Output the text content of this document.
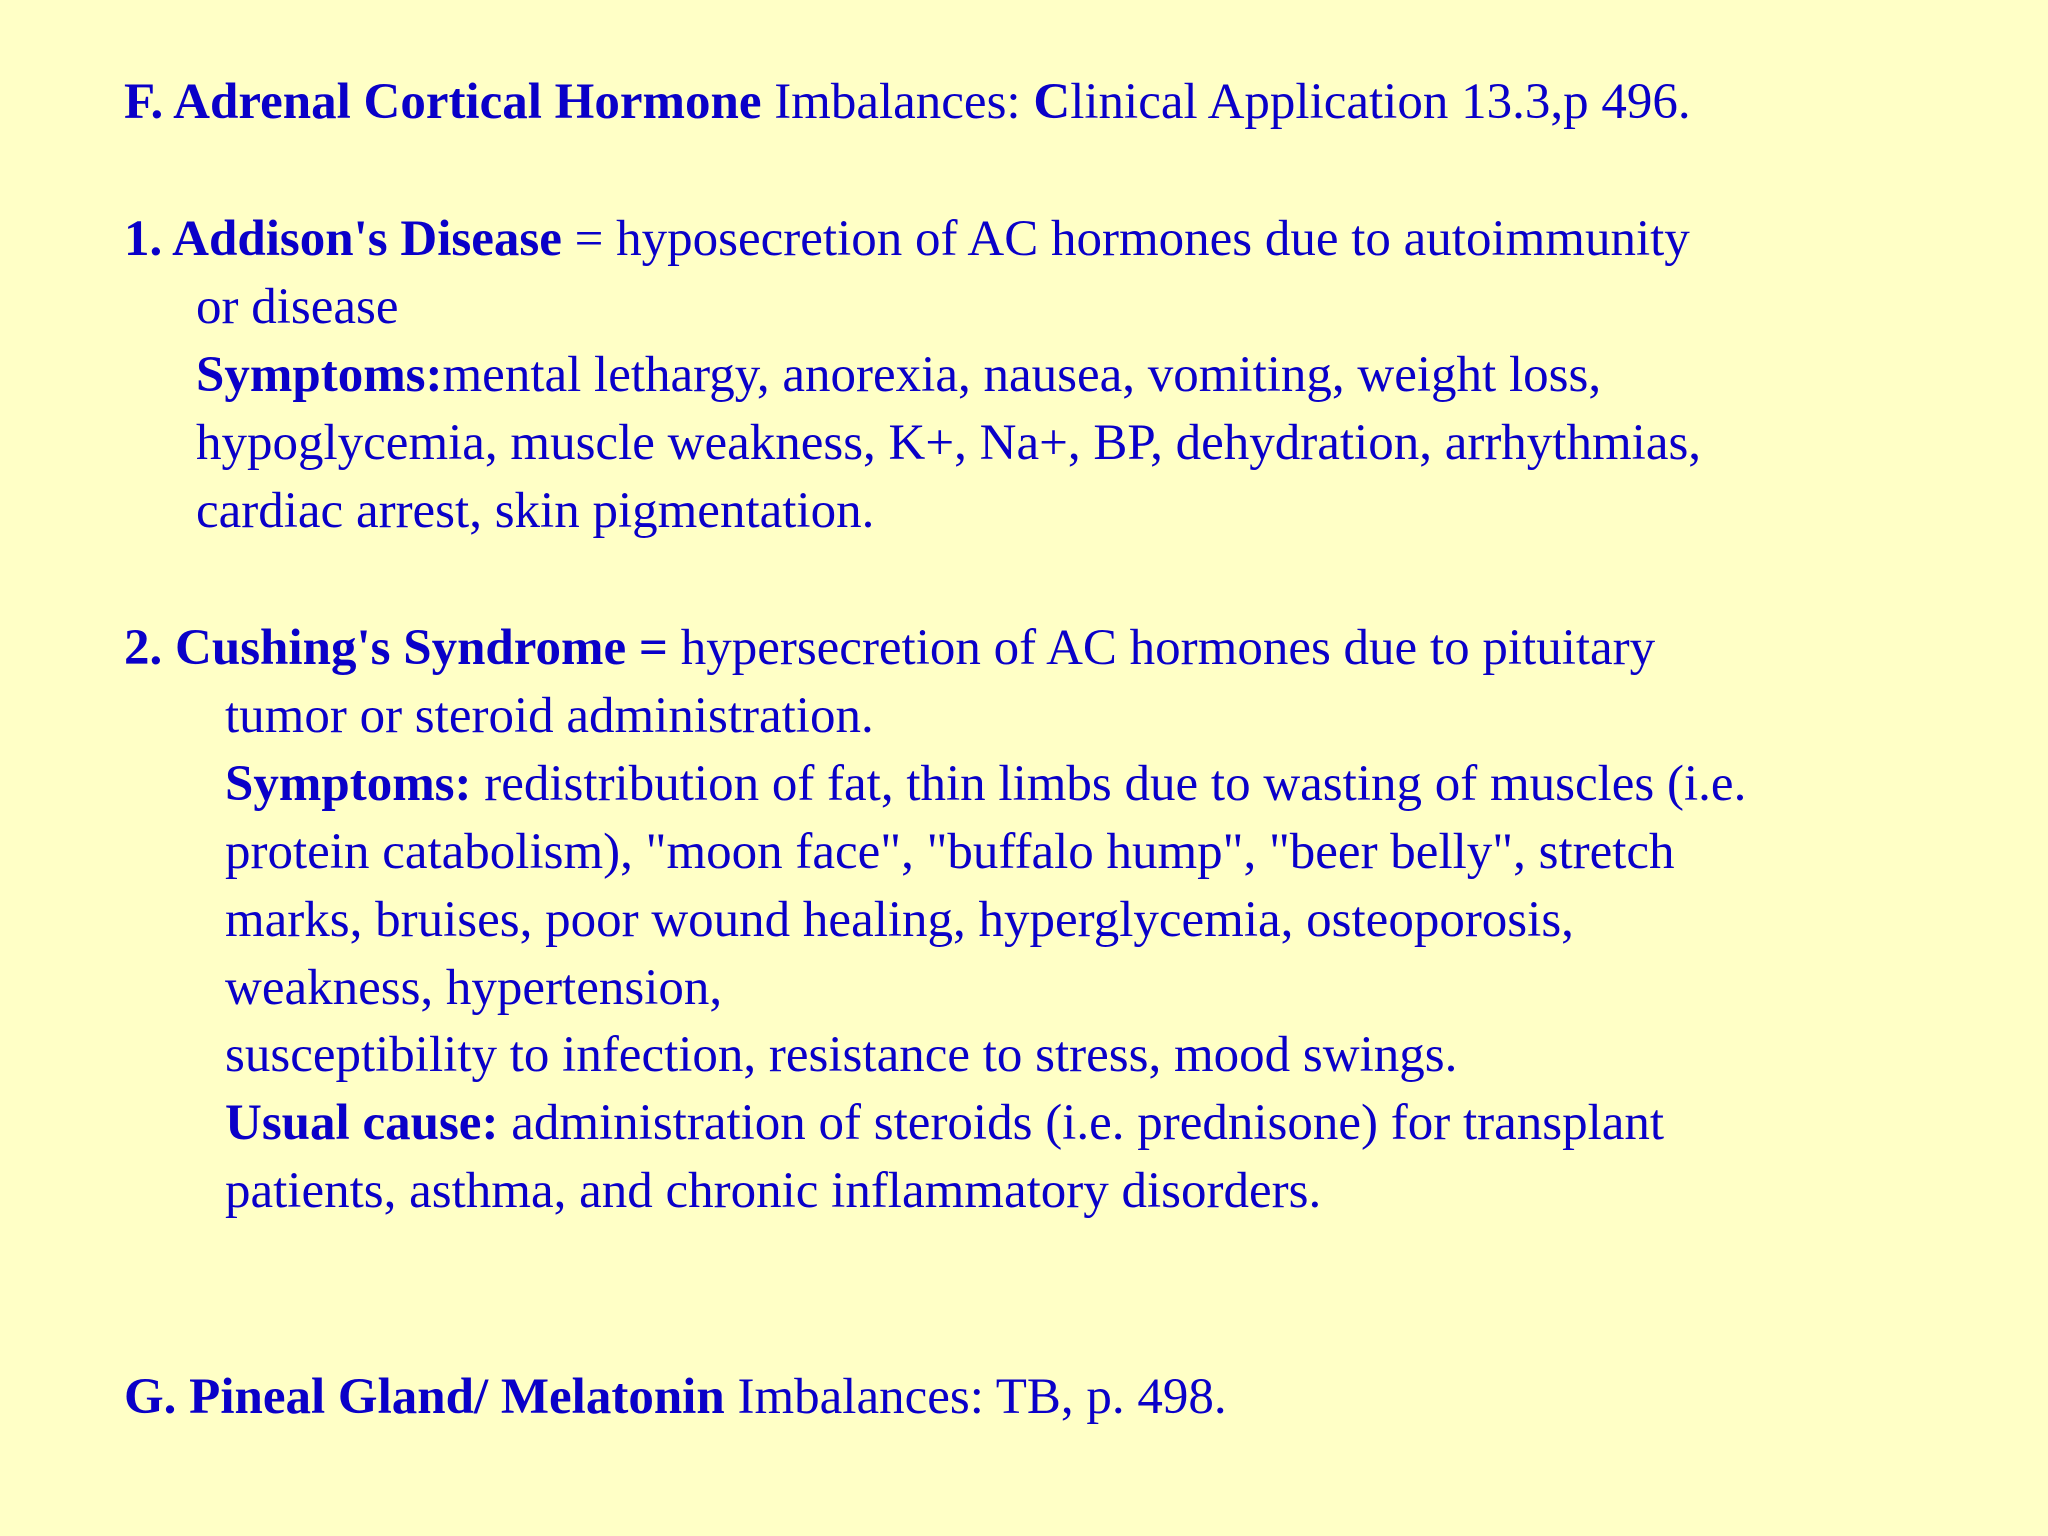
F. Adrenal Cortical Hormone Imbalances: Clinical Application 13.3,p 496.
1. Addison's Disease = hyposecretion of AC hormones due to autoimmunity
or disease
Symptoms:mental lethargy, anorexia, nausea, vomiting, weight loss,
hypoglycemia, muscle weakness, K+, Na+, BP, dehydration, arrhythmias,
cardiac arrest, skin pigmentation.
2. Cushing's Syndrome = hypersecretion of AC hormones due to pituitary
tumor or steroid administration.
Symptoms: redistribution of fat, thin limbs due to wasting of muscles (i.e.
protein catabolism), "moon face", "buffalo hump", "beer belly", stretch
marks, bruises, poor wound healing, hyperglycemia, osteoporosis,
weakness, hypertension,
susceptibility to infection, resistance to stress, mood swings.
Usual cause: administration of steroids (i.e. prednisone) for transplant
patients, asthma, and chronic inflammatory disorders.
G. Pineal Gland/ Melatonin Imbalances: TB, p. 498.
